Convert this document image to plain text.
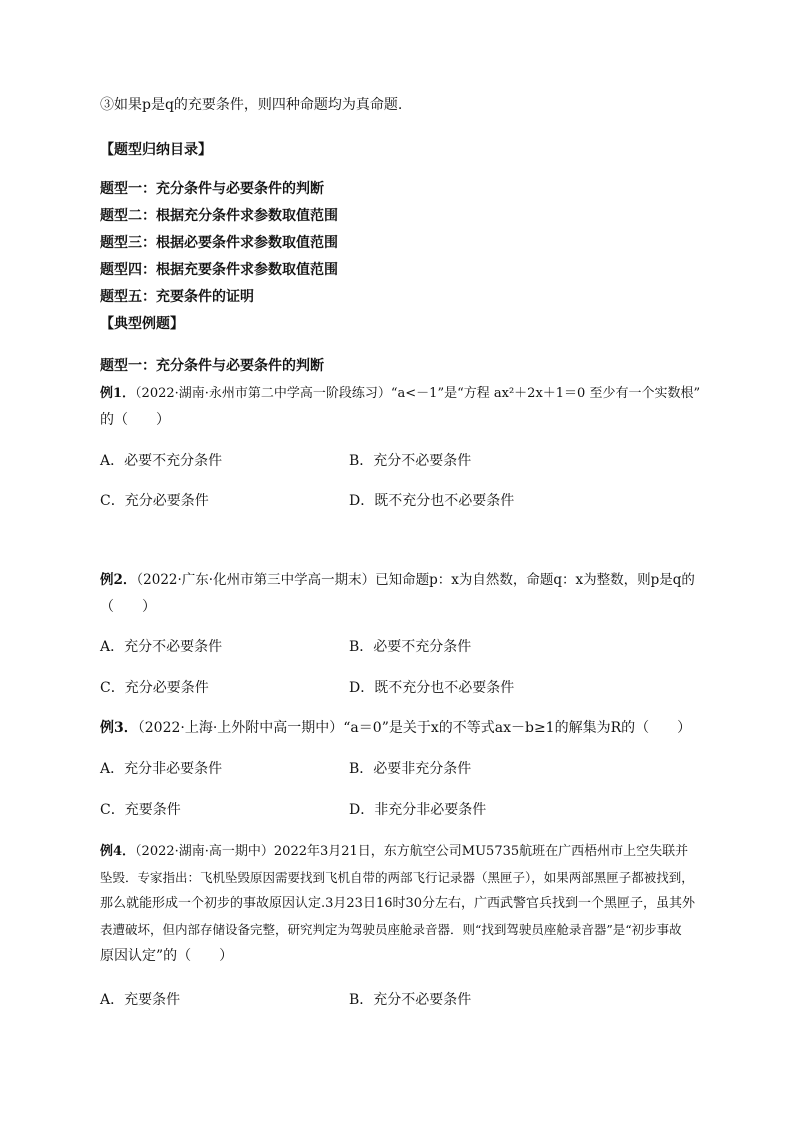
③如果p是q的充要条件，则四种命题均为真命题.
【题型归纳目录】
题型一：充分条件与必要条件的判断
题型二：根据充分条件求参数取值范围
题型三：根据必要条件求参数取值范围
题型四：根据充要条件求参数取值范围
题型五：充要条件的证明
【典型例题】
题型一：充分条件与必要条件的判断
例1．（2022·湖南·永州市第二中学高一阶段练习）“a<－1”是“方程 ax²＋2x＋1＝0 至少有一个实数根”
的（　　）
A．必要不充分条件	B．充分不必要条件
C．充分必要条件	D．既不充分也不必要条件
例2．（2022·广东·化州市第三中学高一期末）已知命题p：x为自然数，命题q：x为整数，则p是q的
（　　）
A．充分不必要条件	B．必要不充分条件
C．充分必要条件	D．既不充分也不必要条件
例3．（2022·上海·上外附中高一期中）“a＝0”是关于x的不等式ax－b≥1的解集为R的（　　）
A．充分非必要条件	B．必要非充分条件
C．充要条件	D．非充分非必要条件
例4．（2022·湖南·高一期中）2022年3月21日，东方航空公司MU5735航班在广西梧州市上空失联并
坠毁．专家指出：飞机坠毁原因需要找到飞机自带的两部飞行记录器（黑匣子），如果两部黑匣子都被找到，
那么就能形成一个初步的事故原因认定.3月23日16时30分左右，广西武警官兵找到一个黑匣子，虽其外
表遭破坏，但内部存储设备完整，研究判定为驾驶员座舱录音器．则“找到驾驶员座舱录音器”是“初步事故
原因认定”的（　　）
A．充要条件	B．充分不必要条件
